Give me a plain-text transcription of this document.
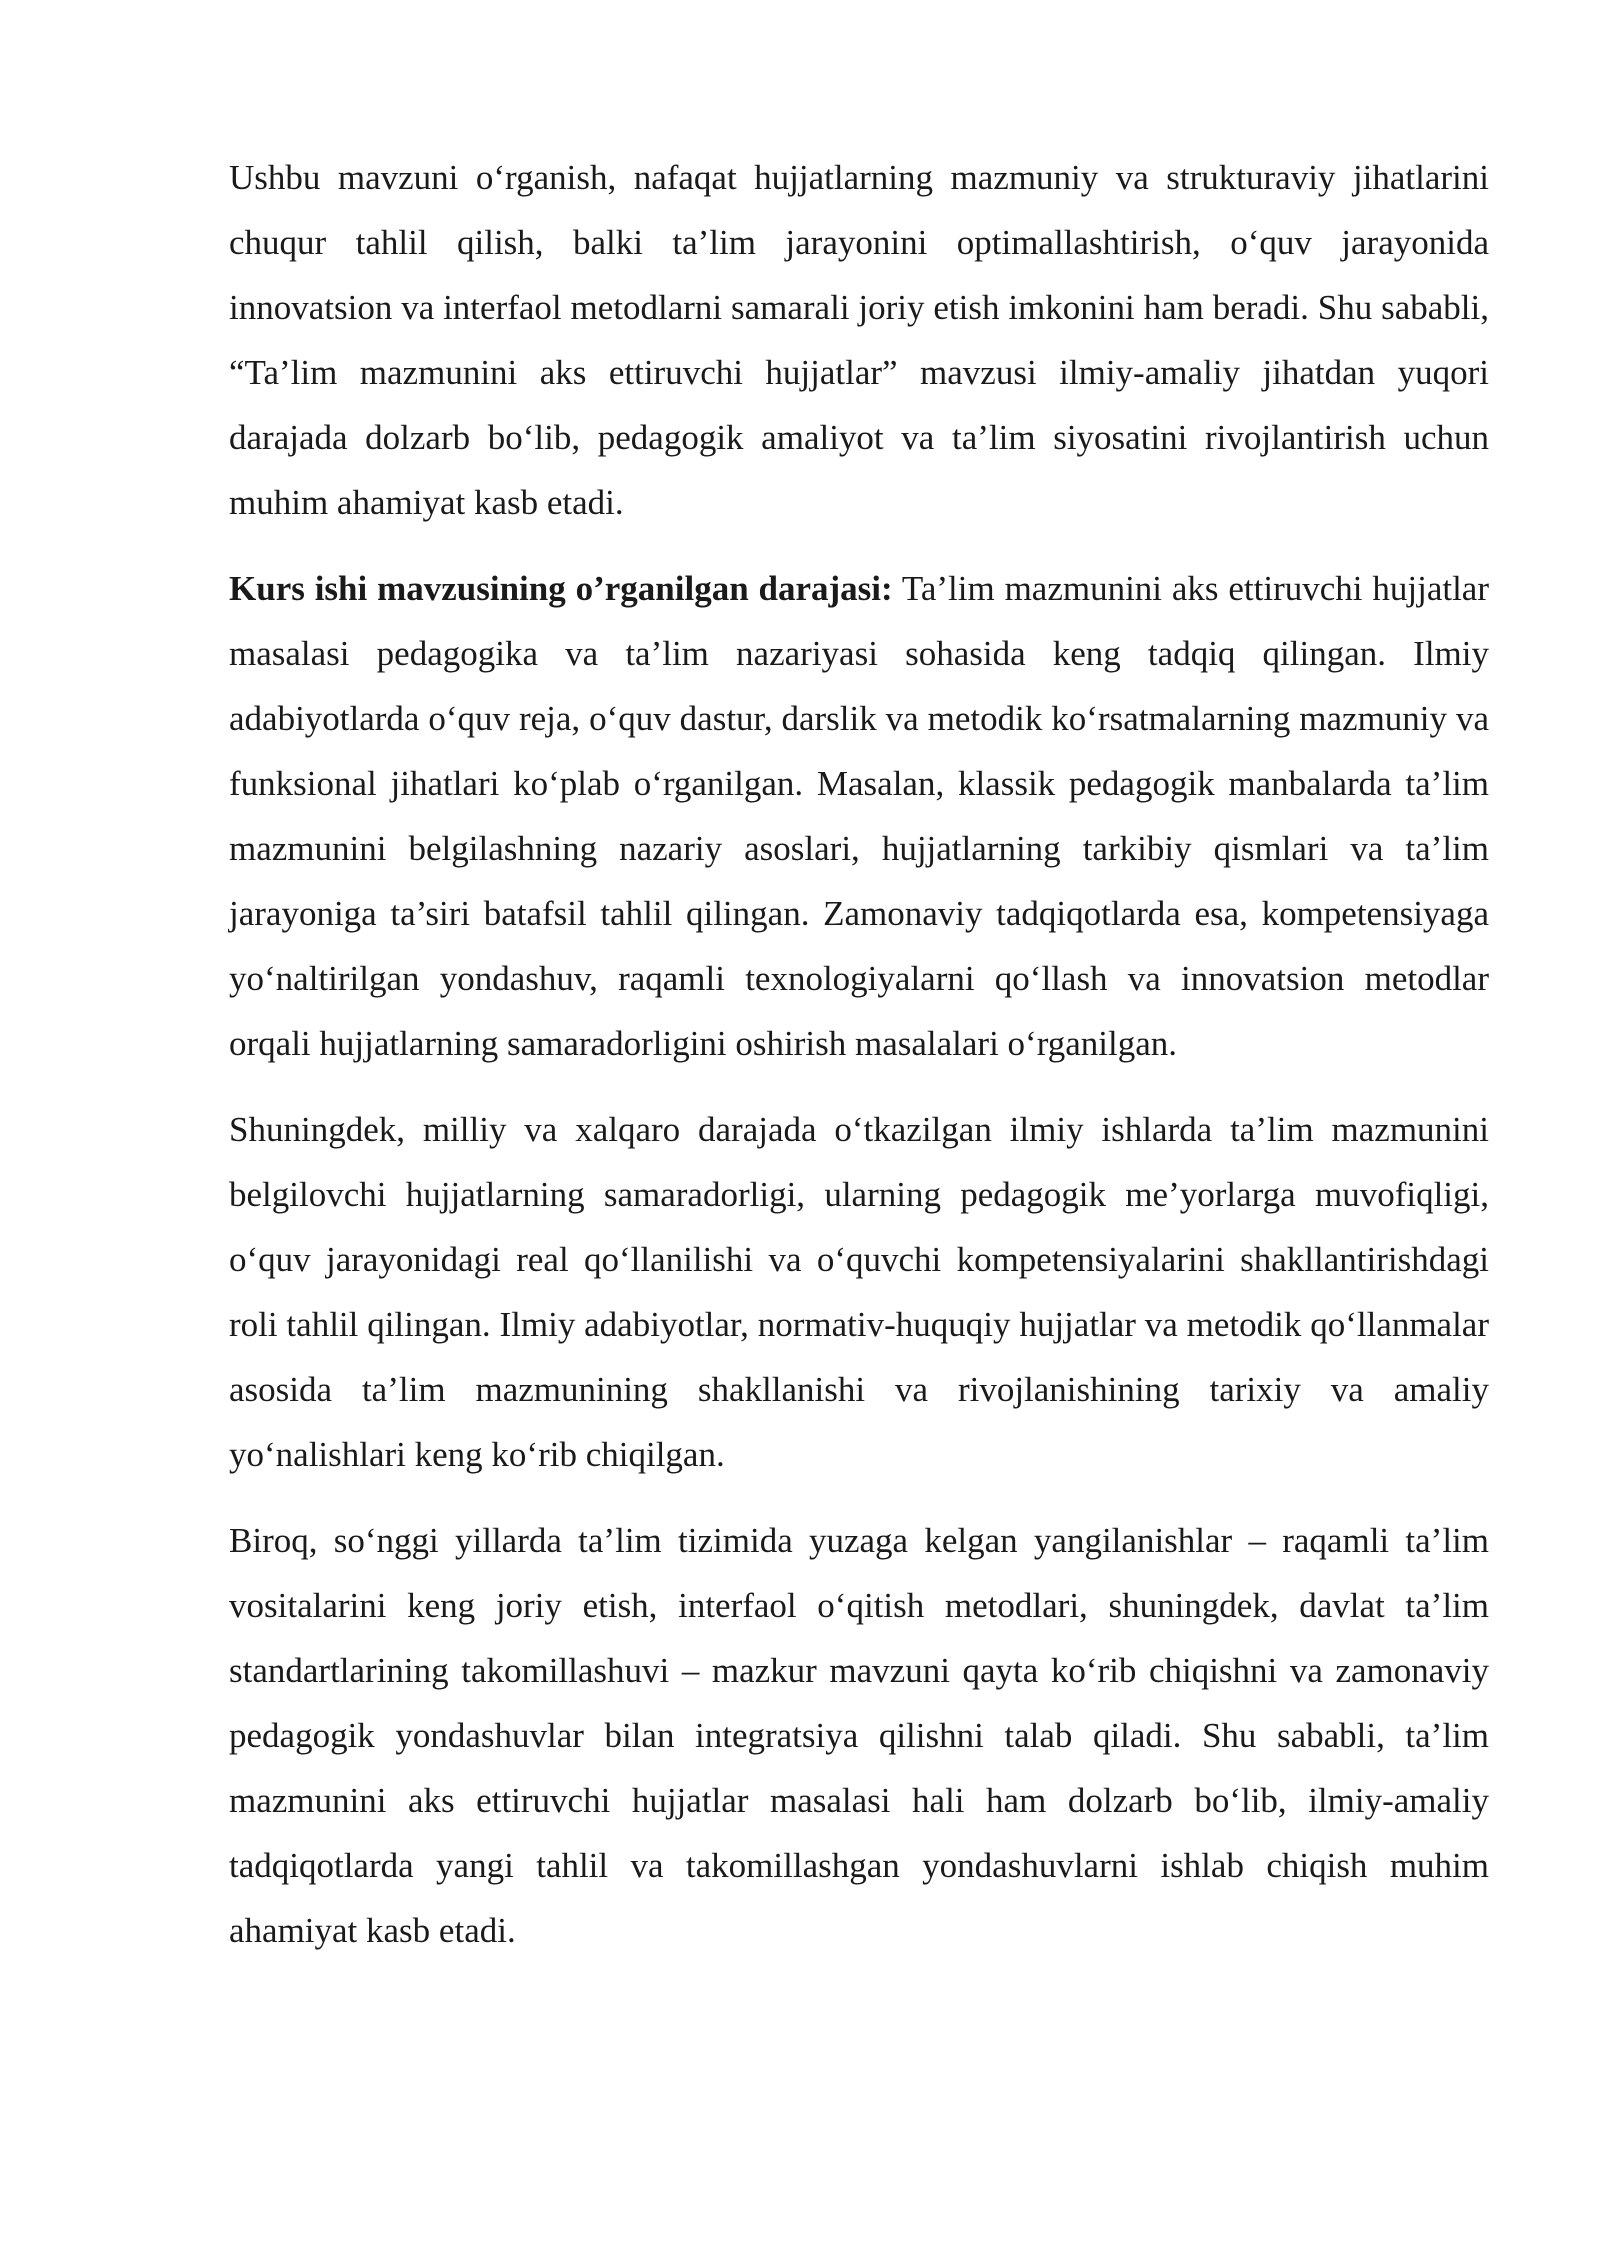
Ushbu mavzuni o‘rganish, nafaqat hujjatlarning mazmuniy va strukturaviy jihatlarini chuqur tahlil qilish, balki ta’lim jarayonini optimallashtirish, o‘quv jarayonida innovatsion va interfaol metodlarni samarali joriy etish imkonini ham beradi. Shu sababli, “Ta’lim mazmunini aks ettiruvchi hujjatlar” mavzusi ilmiy-amaliy jihatdan yuqori darajada dolzarb bo‘lib, pedagogik amaliyot va ta’lim siyosatini rivojlantirish uchun muhim ahamiyat kasb etadi.

Kurs ishi mavzusining o’rganilgan darajasi: Ta’lim mazmunini aks ettiruvchi hujjatlar masalasi pedagogika va ta’lim nazariyasi sohasida keng tadqiq qilingan. Ilmiy adabiyotlarda o‘quv reja, o‘quv dastur, darslik va metodik ko‘rsatmalarning mazmuniy va funksional jihatlari ko‘plab o‘rganilgan. Masalan, klassik pedagogik manbalarda ta’lim mazmunini belgilashning nazariy asoslari, hujjatlarning tarkibiy qismlari va ta’lim jarayoniga ta’siri batafsil tahlil qilingan. Zamonaviy tadqiqotlarda esa, kompetensiyaga yo‘naltirilgan yondashuv, raqamli texnologiyalarni qo‘llash va innovatsion metodlar orqali hujjatlarning samaradorligini oshirish masalalari o‘rganilgan.

Shuningdek, milliy va xalqaro darajada o‘tkazilgan ilmiy ishlarda ta’lim mazmunini belgilovchi hujjatlarning samaradorligi, ularning pedagogik me’yorlarga muvofiqligi, o‘quv jarayonidagi real qo‘llanilishi va o‘quvchi kompetensiyalarini shakllantirishdagi roli tahlil qilingan. Ilmiy adabiyotlar, normativ-huquqiy hujjatlar va metodik qo‘llanmalar asosida ta’lim mazmunining shakllanishi va rivojlanishining tarixiy va amaliy yo‘nalishlari keng ko‘rib chiqilgan.

Biroq, so‘nggi yillarda ta’lim tizimida yuzaga kelgan yangilanishlar – raqamli ta’lim vositalarini keng joriy etish, interfaol o‘qitish metodlari, shuningdek, davlat ta’lim standartlarining takomillashuvi – mazkur mavzuni qayta ko‘rib chiqishni va zamonaviy pedagogik yondashuvlar bilan integratsiya qilishni talab qiladi. Shu sababli, ta’lim mazmunini aks ettiruvchi hujjatlar masalasi hali ham dolzarb bo‘lib, ilmiy-amaliy tadqiqotlarda yangi tahlil va takomillashgan yondashuvlarni ishlab chiqish muhim ahamiyat kasb etadi.
